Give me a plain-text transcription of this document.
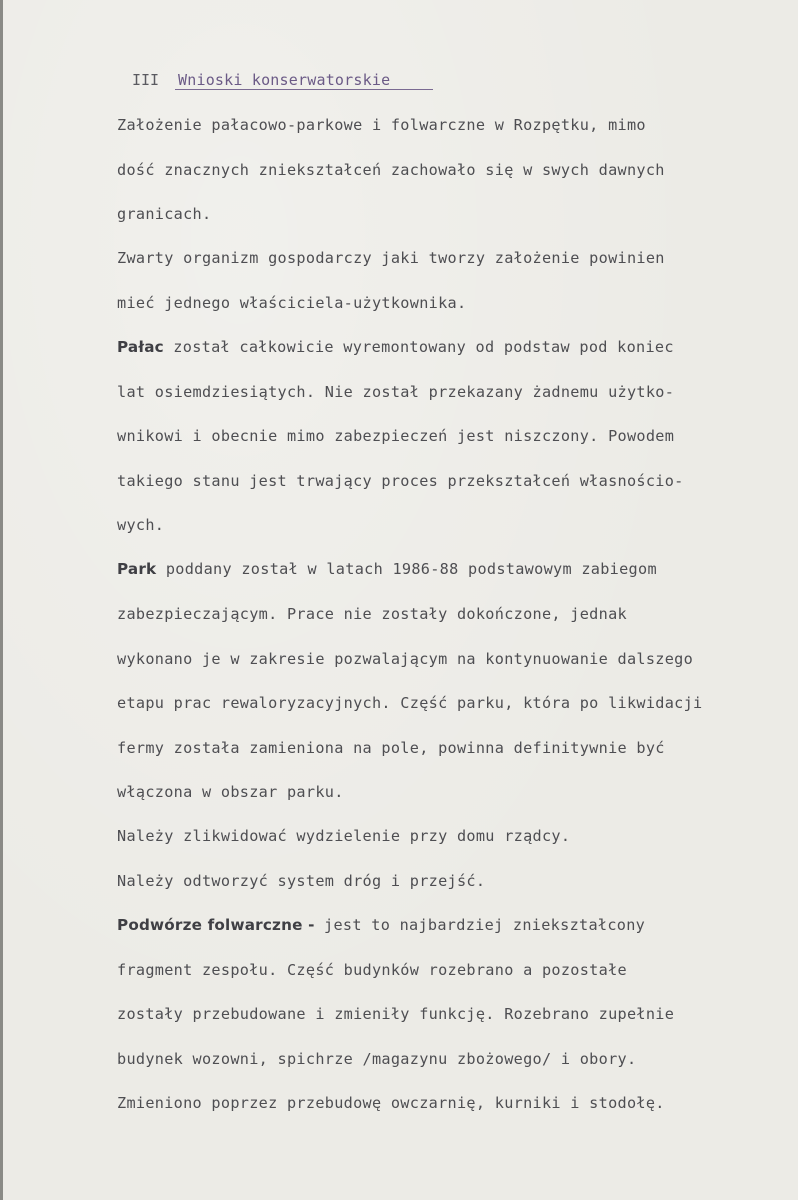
III Wnioski konserwatorskie
Założenie pałacowo-parkowe i folwarczne w Rozpętku, mimo
dość znacznych zniekształceń zachowało się w swych dawnych
granicach.
Zwarty organizm gospodarczy jaki tworzy założenie powinien
mieć jednego właściciela-użytkownika.
Pałac został całkowicie wyremontowany od podstaw pod koniec
lat osiemdziesiątych. Nie został przekazany żadnemu użytko-
wnikowi i obecnie mimo zabezpieczeń jest niszczony. Powodem
takiego stanu jest trwający proces przekształceń własnościo-
wych.
Park poddany został w latach 1986-88 podstawowym zabiegom
zabezpieczającym. Prace nie zostały dokończone, jednak
wykonano je w zakresie pozwalającym na kontynuowanie dalszego
etapu prac rewaloryzacyjnych. Część parku, która po likwidacji
fermy została zamieniona na pole, powinna definitywnie być
włączona w obszar parku.
Należy zlikwidować wydzielenie przy domu rządcy.
Należy odtworzyć system dróg i przejść.
Podwórze folwarczne - jest to najbardziej zniekształcony
fragment zespołu. Część budynków rozebrano a pozostałe
zostały przebudowane i zmieniły funkcję. Rozebrano zupełnie
budynek wozowni, spichrze /magazynu zbożowego/ i obory.
Zmieniono poprzez przebudowę owczarnię, kurniki i stodołę.
